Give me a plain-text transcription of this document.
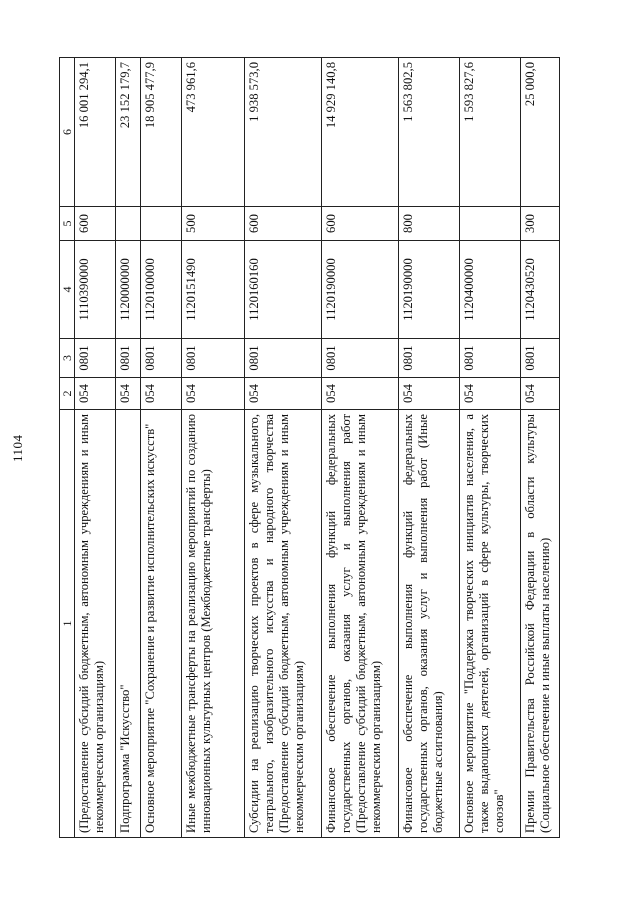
1104
1	2	3	4	5	6
(Предоставление субсидий бюджетным, автономным учреждениям и иным некоммерческим организациям)	054	0801	1110390000	600	16 001 294,1
Подпрограмма "Искусство"	054	0801	1120000000		23 152 179,7
Основное мероприятие "Сохранение и развитие исполнительских искусств"	054	0801	1120100000		18 905 477,9
Иные межбюджетные трансферты на реализацию мероприятий по созданию инновационных культурных центров (Межбюджетные трансферты)	054	0801	1120151490	500	473 961,6
Субсидии на реализацию творческих проектов в сфере музыкального, театрального, изобразительного искусства и народного творчества (Предоставление субсидий бюджетным, автономным учреждениям и иным некоммерческим организациям)	054	0801	1120160160	600	1 938 573,0
Финансовое обеспечение выполнения функций федеральных государственных органов, оказания услуг и выполнения работ (Предоставление субсидий бюджетным, автономным учреждениям и иным некоммерческим организациям)	054	0801	1120190000	600	14 929 140,8
Финансовое обеспечение выполнения функций федеральных государственных органов, оказания услуг и выполнения работ (Иные бюджетные ассигнования)	054	0801	1120190000	800	1 563 802,5
Основное мероприятие "Поддержка творческих инициатив населения, а также выдающихся деятелей, организаций в сфере культуры, творческих союзов"	054	0801	1120400000		1 593 827,6
Премии Правительства Российской Федерации в области культуры (Социальное обеспечение и иные выплаты населению)	054	0801	1120430520	300	25 000,0
